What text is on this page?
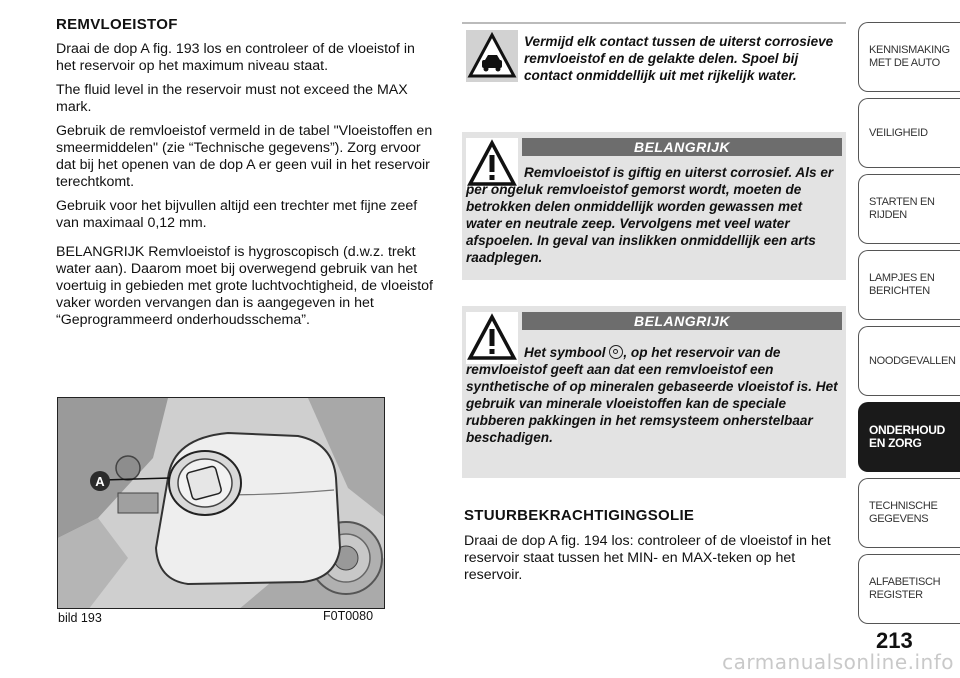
REMVLOEISTOF

Draai de dop A fig. 193 los en controleer of de vloeistof in het reservoir op het maximum niveau staat.

The fluid level in the reservoir must not exceed the MAX mark.

Gebruik de remvloeistof vermeld in de tabel "Vloeistoffen en smeermiddelen" (zie “Technische gegevens”). Zorg ervoor dat bij het openen van de dop A er geen vuil in het reservoir terechtkomt.

Gebruik voor het bijvullen altijd een trechter met fijne zeef van maximaal 0,12 mm.

BELANGRIJK Remvloeistof is hygroscopisch (d.w.z. trekt water aan). Daarom moet bij overwegend gebruik van het voertuig in gebieden met grote luchtvochtigheid, de vloeistof vaker worden vervangen dan is aangegeven in het “Geprogrammeerd onderhoudsschema”.

A
bild 193	F0T0080

Vermijd elk contact tussen de uiterst corrosieve remvloeistof en de gelakte delen. Spoel bij contact onmiddellijk uit met rijkelijk water.

BELANGRIJK

Remvloeistof is giftig en uiterst corrosief. Als er per ongeluk remvloeistof gemorst wordt, moeten de betrokken delen onmiddellijk worden gewassen met water en neutrale zeep. Vervolgens met veel water afspoelen. In geval van inslikken onmiddellijk een arts raadplegen.

BELANGRIJK

Het symbool , op het reservoir van de remvloeistof geeft aan dat een remvloeistof een synthetische of op mineralen gebaseerde vloeistof is. Het gebruik van minerale vloeistoffen kan de speciale rubberen pakkingen in het remsysteem onherstelbaar beschadigen.

STUURBEKRACHTIGINGSOLIE

Draai de dop A fig. 194 los: controleer of de vloeistof in het reservoir staat tussen het MIN- en MAX-teken op het reservoir.

KENNISMAKING MET DE AUTO
VEILIGHEID
STARTEN EN RIJDEN
LAMPJES EN BERICHTEN
NOODGEVALLEN
ONDERHOUD EN ZORG
TECHNISCHE GEGEVENS
ALFABETISCH REGISTER
213
carmanualsonline.info
